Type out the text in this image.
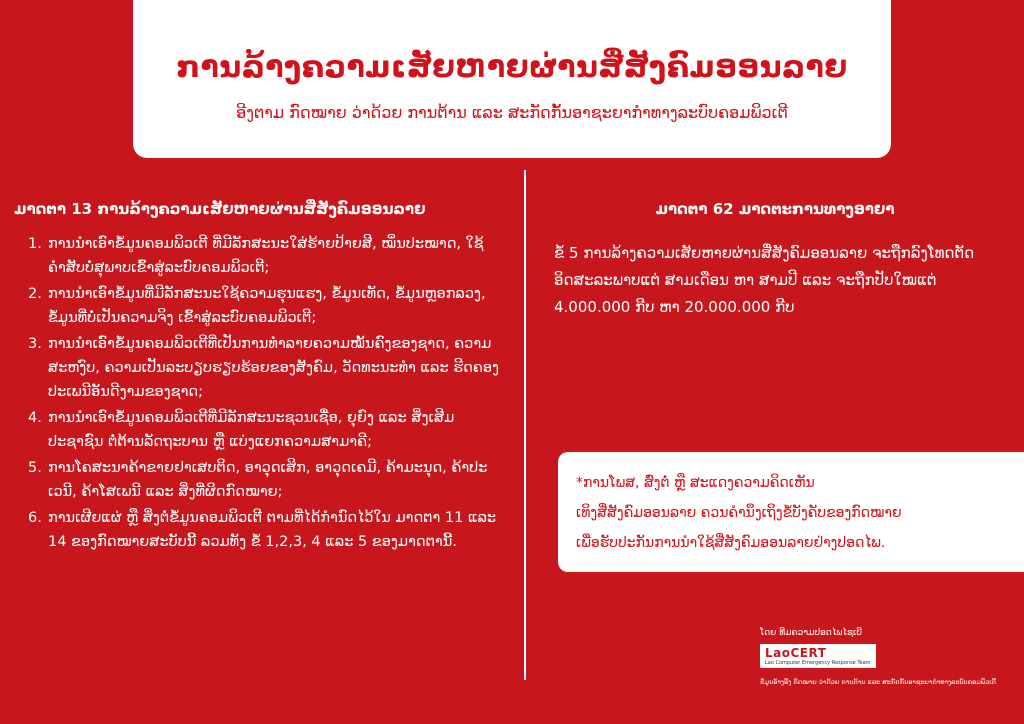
ການລ້າງຄວາມເສັຍຫາຍຜ່ານສື່ສັງຄົມອອນລາຍ
ອີງຕາມ ກົດໝາຍ ວ່າດ້ວຍ ການຕ້ານ ແລະ ສະກັດກັ້ນອາຊະຍາກຳທາງລະບົບຄອມພິວເຕີ
ມາດຕາ 13 ການລ້າງຄວາມເສັຍຫາຍຜ່ານສື່ສັງຄົມອອນລາຍ
1. ການນຳເອົາຂໍ້ມູນຄອມພິວເຕີ ທີ່ມີລັກສະນະໃສ່ຮ້າຍປ້າຍສີ, ໝິ່ນປະໝາດ, ໃຊ້ຄຳສັບບໍ່ສຸພາບເຂົ້າສູ່ລະບົບຄອມພິວເຕີ;
2. ການນຳເອົາຂໍ້ມູນທີ່ມີລັກສະນະໃຊ້ຄວາມຮຸນແຮງ, ຂໍ້ມູນເທັດ, ຂໍ້ມູນຫຼອກລວງ, ຂໍ້ມູນທີ່ບໍ່ເປັນຄວາມຈິງ ເຂົ້າສູ່ລະບົບຄອມພິວເຕີ;
3. ການນຳເອົາຂໍ້ມູນຄອມພິວເຕີທີ່ເປັນການທຳລາຍຄວາມໝັ້ນຄົງຂອງຊາດ, ຄວາມສະຫງົບ, ຄວາມເປັນລະບຽບຮຽບຮ້ອຍຂອງສັງຄົມ, ວັດທະນະທຳ ແລະ ຮີດຄອງປະເພນີອັນດີງາມຂອງຊາດ;
4. ການນຳເອົາຂໍ້ມູນຄອມພິວເຕີທີ່ມີລັກສະນະຊວນເຊື່ອ, ຍຸຍົງ ແລະ ສິ່ງເສີມ ປະຊາຊົນ ຕໍ່ຕ້ານລັດຖະບານ ຫຼື ແບ່ງແຍກຄວາມສາມາຄີ;
5. ການໂຄສະນາຄ້າຂາຍຢາເສບຕິດ, ອາວຸດເສິກ, ອາວຸດເຄມີ, ຄ້າມະນຸດ, ຄ້າປະເວນີ, ຄ້າໂສເພນີ ແລະ ສິ່ງທີ່ຜິດກົດໝາຍ;
6. ການເຜີຍແຜ່ ຫຼື ສິ່ງຕໍ່ຂໍ້ມູນຄອມພິວເຕີ ຕາມທີ່ໄດ້ກຳນົດໄວ້ໃນ ມາດຕາ 11 ແລະ 14 ຂອງກົດໝາຍສະບັບນີ້ ລວມທັງ ຂໍ້ 1,2,3, 4 ແລະ 5 ຂອງມາດຕານີ້.
ມາດຕາ 62 ມາດຕະການທາງອາຍາ
ຂໍ້ 5 ການລ້າງຄວາມເສັຍຫາຍຜ່ານສື່ສັງຄົມອອນລາຍ ຈະຖືກລົງໂທດຕັດອິດສະລະພາບແຕ່ ສາມເດືອນ ຫາ ສາມປີ ແລະ ຈະຖືກປັບໃໝແຕ່ 4.000.000 ກີບ ຫາ 20.000.000 ກີບ

*ການໂພສ, ສົ່ງຕໍ່ ຫຼື ສະແດງຄວາມຄິດເຫັນ

ເທິງສື່ສັງຄົມອອນລາຍ ຄວນຄຳນຶງເຖິງຂໍ້ບັງຄັບຂອງກົດໝາຍ

ເພື່ອຮັບປະກັນການນຳໃຊ້ສື່ສັງຄົມອອນລາຍຢ່າງປອດໄພ.

ໂດຍ ທີມຄວາມປອດໄພໄຊເບີ
LaoCERT
Lao Computer Emergency Response Team
ຂໍ້ມູນອ້າງອີງ ກົດໝາຍ ວ່າດ້ວຍ ການຕ້ານ ແລະ ສະກັດກັ້ນອາຊະຍາກຳທາງລະບົບຄອມພິວເຕີ
